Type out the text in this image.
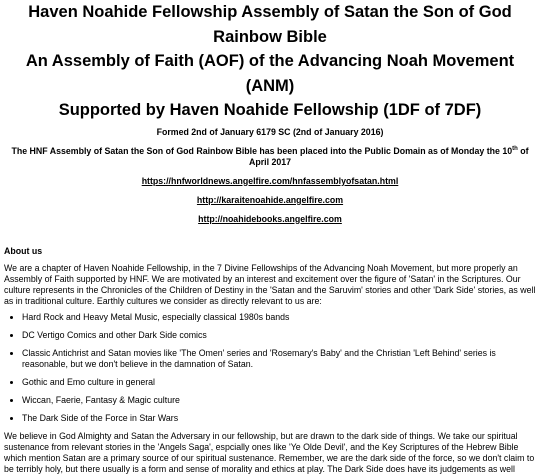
Haven Noahide Fellowship Assembly of Satan the Son of God Rainbow Bible
An Assembly of Faith (AOF) of the Advancing Noah Movement (ANM)
Supported by Haven Noahide Fellowship (1DF of 7DF)

Formed 2nd of January 6179 SC (2nd of January 2016)

The HNF Assembly of Satan the Son of God Rainbow Bible has been placed into the Public Domain as of Monday the 10th of April 2017

https://hnfworldnews.angelfire.com/hnfassemblyofsatan.html
http://karaitenoahide.angelfire.com
http://noahidebooks.angelfire.com
About us

We are a chapter of Haven Noahide Fellowship, in the 7 Divine Fellowships of the Advancing Noah Movement, but more properly an Assembly of Faith supported by HNF. We are motivated by an interest and excitement over the figure of 'Satan' in the Scriptures. Our culture represents in the Chronicles of the Children of Destiny in the 'Satan and the Saruvim' stories and other 'Dark Side' stories, as well as in traditional culture. Earthly cultures we consider as directly relevant to us are:

• Hard Rock and Heavy Metal Music, especially classical 1980s bands
• DC Vertigo Comics and other Dark Side comics
• Classic Antichrist and Satan movies like 'The Omen' series and 'Rosemary's Baby' and the Christian 'Left Behind' series is reasonable, but we don't believe in the damnation of Satan.
• Gothic and Emo culture in general
• Wiccan, Faerie, Fantasy & Magic culture
• The Dark Side of the Force in Star Wars

We believe in God Almighty and Satan the Adversary in our fellowship, but are drawn to the dark side of things. We take our spiritual sustenance from relevant stories in the 'Angels Saga', espcially ones like 'Ye Olde Devil', and the Key Scriptures of the Hebrew Bible which mention Satan are a primary source of our spiritual sustenance. Remember, we are the dark side of the force, so we don't claim to be terribly holy, but there usually is a form and sense of morality and ethics at play. The Dark Side does have its judgements as well
